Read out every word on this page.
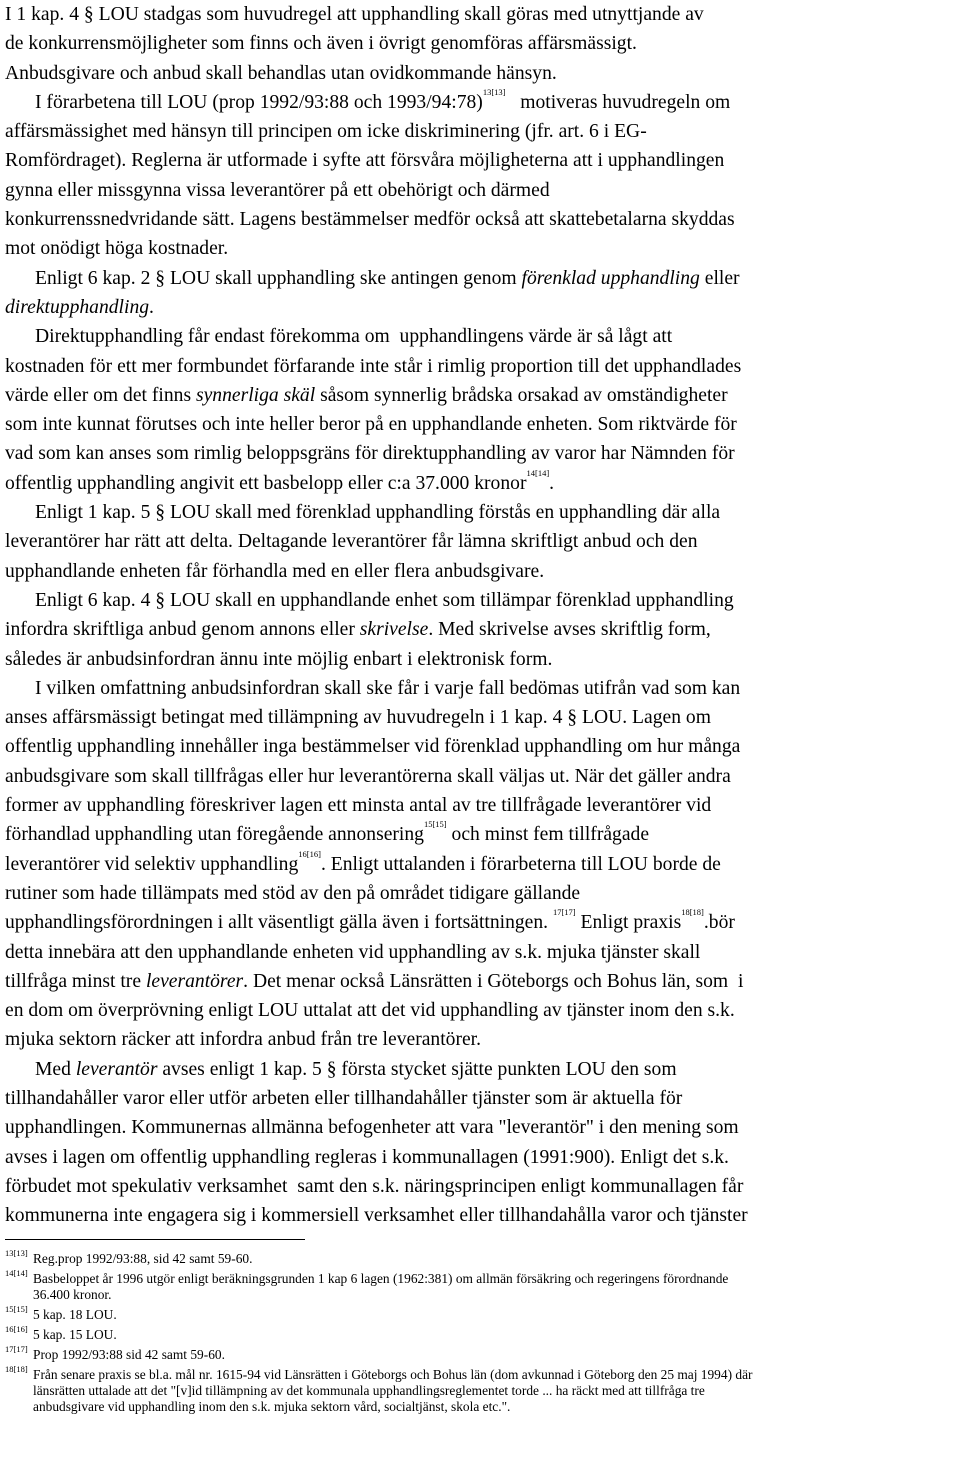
I 1 kap. 4 § LOU stadgas som huvudregel att upphandling skall göras med utnyttjande av
de konkurrensmöjligheter som finns och även i övrigt genomföras affärsmässigt.
Anbudsgivare och anbud skall behandlas utan ovidkommande hänsyn.
I förarbetena till LOU (prop 1992/93:88 och 1993/94:78)$^{13[13]}$   motiveras huvudregeln om
affärsmässighet med hänsyn till principen om icke diskriminering (jfr. art. 6 i EG-
Romfördraget). Reglerna är utformade i syfte att försvåra möjligheterna att i upphandlingen
gynna eller missgynna vissa leverantörer på ett obehörigt och därmed
konkurrenssnedvridande sätt. Lagens bestämmelser medför också att skattebetalarna skyddas
mot onödigt höga kostnader.
Enligt 6 kap. 2 § LOU skall upphandling ske antingen genom förenklad upphandling eller
direktupphandling.
Direktupphandling får endast förekomma om  upphandlingens värde är så lågt att
kostnaden för ett mer formbundet förfarande inte står i rimlig proportion till det upphandlades
värde eller om det finns synnerliga skäl såsom synnerlig brådska orsakad av omständigheter
som inte kunnat förutses och inte heller beror på en upphandlande enheten. Som riktvärde för
vad som kan anses som rimlig beloppsgräns för direktupphandling av varor har Nämnden för
offentlig upphandling angivit ett basbelopp eller c:a 37.000 kronor$^{14[14]}$.
Enligt 1 kap. 5 § LOU skall med förenklad upphandling förstås en upphandling där alla
leverantörer har rätt att delta. Deltagande leverantörer får lämna skriftligt anbud och den
upphandlande enheten får förhandla med en eller flera anbudsgivare.
Enligt 6 kap. 4 § LOU skall en upphandlande enhet som tillämpar förenklad upphandling
infordra skriftliga anbud genom annons eller skrivelse. Med skrivelse avses skriftlig form,
således är anbudsinfordran ännu inte möjlig enbart i elektronisk form.
I vilken omfattning anbudsinfordran skall ske får i varje fall bedömas utifrån vad som kan
anses affärsmässigt betingat med tillämpning av huvudregeln i 1 kap. 4 § LOU. Lagen om
offentlig upphandling innehåller inga bestämmelser vid förenklad upphandling om hur många
anbudsgivare som skall tillfrågas eller hur leverantörerna skall väljas ut. När det gäller andra
former av upphandling föreskriver lagen ett minsta antal av tre tillfrågade leverantörer vid
förhandlad upphandling utan föregående annonsering$^{15[15]}$ och minst fem tillfrågade
leverantörer vid selektiv upphandling$^{16[16]}$. Enligt uttalanden i förarbeterna till LOU borde de
rutiner som hade tillämpats med stöd av den på området tidigare gällande
upphandlingsförordningen i allt väsentligt gälla även i fortsättningen. $^{17[17]}$ Enligt praxis$^{18[18]}$.bör
detta innebära att den upphandlande enheten vid upphandling av s.k. mjuka tjänster skall
tillfråga minst tre leverantörer. Det menar också Länsrätten i Göteborgs och Bohus län, som  i
en dom om överprövning enligt LOU uttalat att det vid upphandling av tjänster inom den s.k.
mjuka sektorn räcker att infordra anbud från tre leverantörer.
Med leverantör avses enligt 1 kap. 5 § första stycket sjätte punkten LOU den som
tillhandahåller varor eller utför arbeten eller tillhandahåller tjänster som är aktuella för
upphandlingen. Kommunernas allmänna befogenheter att vara "leverantör" i den mening som
avses i lagen om offentlig upphandling regleras i kommunallagen (1991:900). Enligt det s.k.
förbudet mot spekulativ verksamhet  samt den s.k. näringsprincipen enligt kommunallagen får
kommunerna inte engagera sig i kommersiell verksamhet eller tillhandahålla varor och tjänster
13[13] Reg.prop 1992/93:88, sid 42 samt 59-60.
14[14] Basbeloppet år 1996 utgör enligt beräkningsgrunden 1 kap 6 lagen (1962:381) om allmän försäkring och regeringens förordnande
36.400 kronor.
15[15] 5 kap. 18 LOU.
16[16] 5 kap. 15 LOU.
17[17] Prop 1992/93:88 sid 42 samt 59-60.
18[18] Från senare praxis se bl.a. mål nr. 1615-94 vid Länsrätten i Göteborgs och Bohus län (dom avkunnad i Göteborg den 25 maj 1994) där
länsrätten uttalade att det "[v]id tillämpning av det kommunala upphandlingsreglementet torde ... ha räckt med att tillfråga tre
anbudsgivare vid upphandling inom den s.k. mjuka sektorn vård, socialtjänst, skola etc.".
